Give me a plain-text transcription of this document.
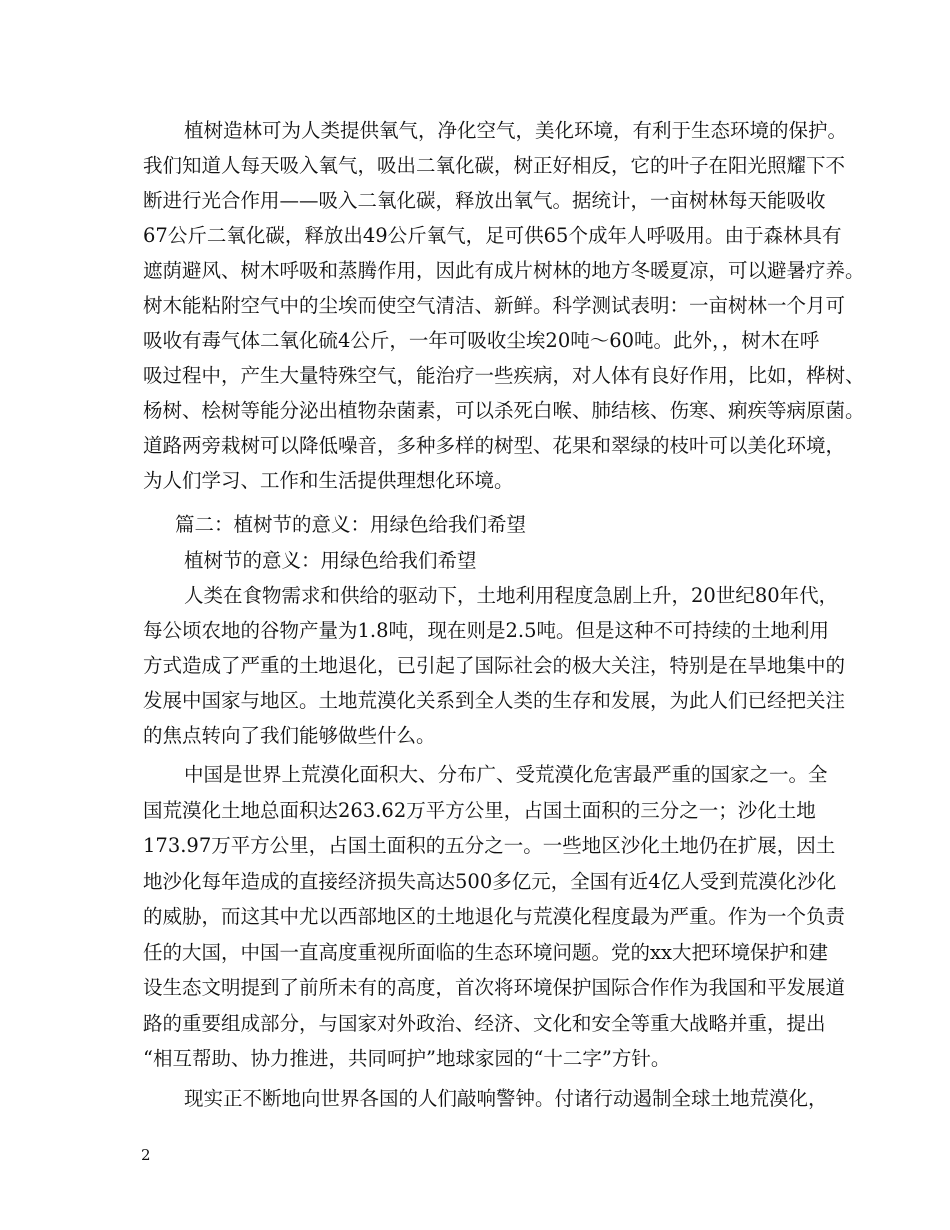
植树造林可为人类提供氧气，净化空气，美化环境，有利于生态环境的保护。
我们知道人每天吸入氧气，吸出二氧化碳，树正好相反，它的叶子在阳光照耀下不
断进行光合作用——吸入二氧化碳，释放出氧气。据统计，一亩树林每天能吸收
67公斤二氧化碳，释放出49公斤氧气，足可供65个成年人呼吸用。由于森林具有
遮荫避风、树木呼吸和蒸腾作用，因此有成片树林的地方冬暖夏凉，可以避暑疗养。
树木能粘附空气中的尘埃而使空气清洁、新鲜。科学测试表明：一亩树林一个月可
吸收有毒气体二氧化硫4公斤，一年可吸收尘埃20吨～60吨。此外，，树木在呼
吸过程中，产生大量特殊空气，能治疗一些疾病，对人体有良好作用，比如，桦树、
杨树、桧树等能分泌出植物杂菌素，可以杀死白喉、肺结核、伤寒、痢疾等病原菌。
道路两旁栽树可以降低噪音，多种多样的树型、花果和翠绿的枝叶可以美化环境，
为人们学习、工作和生活提供理想化环境。
篇二：植树节的意义：用绿色给我们希望
植树节的意义：用绿色给我们希望
人类在食物需求和供给的驱动下，土地利用程度急剧上升，20世纪80年代，
每公顷农地的谷物产量为1.8吨，现在则是2.5吨。但是这种不可持续的土地利用
方式造成了严重的土地退化，已引起了国际社会的极大关注，特别是在旱地集中的
发展中国家与地区。土地荒漠化关系到全人类的生存和发展，为此人们已经把关注
的焦点转向了我们能够做些什么。
中国是世界上荒漠化面积大、分布广、受荒漠化危害最严重的国家之一。全
国荒漠化土地总面积达263.62万平方公里，占国土面积的三分之一；沙化土地
173.97万平方公里，占国土面积的五分之一。一些地区沙化土地仍在扩展，因土
地沙化每年造成的直接经济损失高达500多亿元，全国有近4亿人受到荒漠化沙化
的威胁，而这其中尤以西部地区的土地退化与荒漠化程度最为严重。作为一个负责
任的大国，中国一直高度重视所面临的生态环境问题。党的xx大把环境保护和建
设生态文明提到了前所未有的高度，首次将环境保护国际合作作为我国和平发展道
路的重要组成部分，与国家对外政治、经济、文化和安全等重大战略并重，提出
“相互帮助、协力推进，共同呵护”地球家园的“十二字”方针。
现实正不断地向世界各国的人们敲响警钟。付诸行动遏制全球土地荒漠化，
2
